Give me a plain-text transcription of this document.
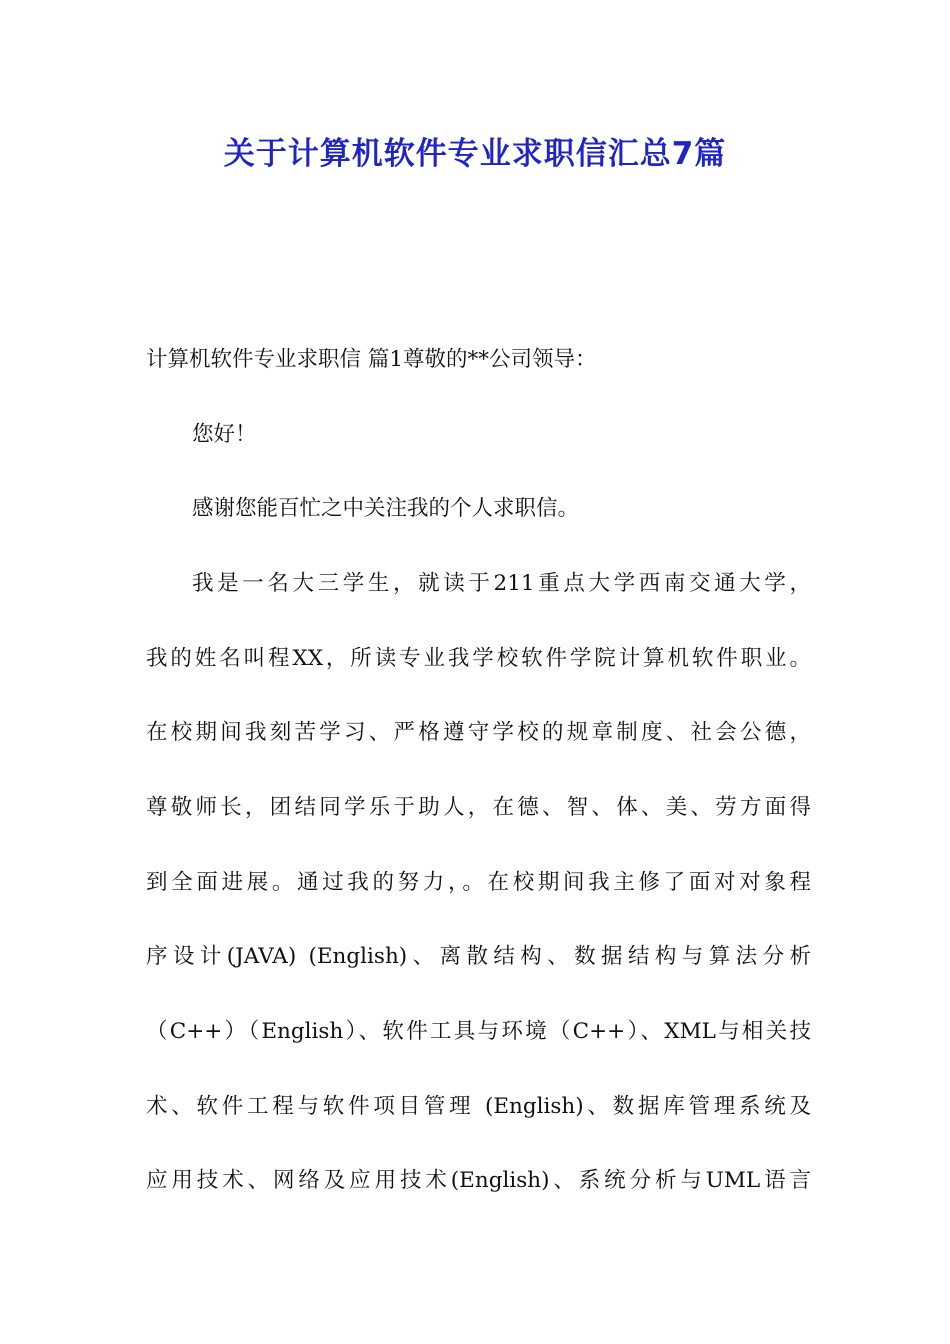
关于计算机软件专业求职信汇总7篇
计算机软件专业求职信 篇1尊敬的**公司领导：
您好！
感谢您能百忙之中关注我的个人求职信。
我是一名大三学生，就读于211重点大学西南交通大学，
我的姓名叫程XX，所读专业我学校软件学院计算机软件职业。
在校期间我刻苦学习、严格遵守学校的规章制度、社会公德，
尊敬师长，团结同学乐于助人，在德、智、体、美、劳方面得
到全面进展。通过我的努力，。在校期间我主修了面对对象程
序设计(JAVA) (English)、离散结构、数据结构与算法分析
（C++）（English）、软件工具与环境（C++）、XML与相关技
术、软件工程与软件项目管理 (English)、数据库管理系统及
应用技术、网络及应用技术(English)、系统分析与UML语言
